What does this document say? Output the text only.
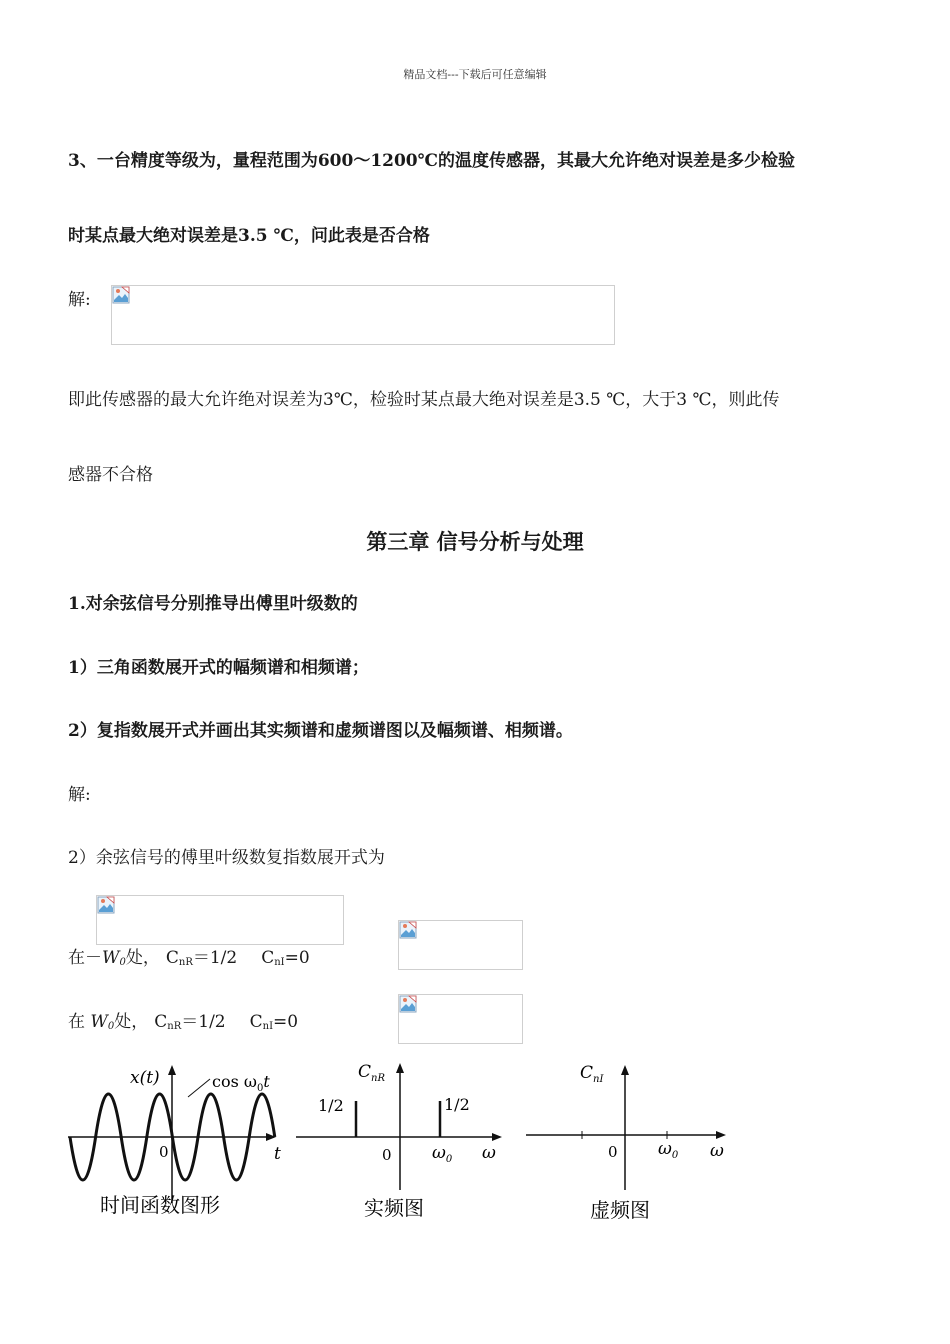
精品文档---下载后可任意编辑
3、一台精度等级为，量程范围为600～1200℃的温度传感器，其最大允许绝对误差是多少检验
时某点最大绝对误差是3.5 ℃，问此表是否合格
解:
即此传感器的最大允许绝对误差为3℃，检验时某点最大绝对误差是3.5 ℃，大于3 ℃，则此传
感器不合格
第三章 信号分析与处理
1.对余弦信号分别推导出傅里叶级数的
1）三角函数展开式的幅频谱和相频谱；
2）复指数展开式并画出其实频谱和虚频谱图以及幅频谱、相频谱。
解:
2）余弦信号的傅里叶级数复指数展开式为
在$-W_0$处， $C_{nR}=1/2$ $C_{nI}=0$
在 $W_0$处， $C_{nR}=1/2$ $C_{nI}=0$
x(t)	$\cos \omega_0t$
0	t
时间函数图形
$C_{nR}$
1/2	1/2
0 $\omega_0$ ω
实频图
$C_{nI}$
0 $\omega_0$ ω
虚频图
